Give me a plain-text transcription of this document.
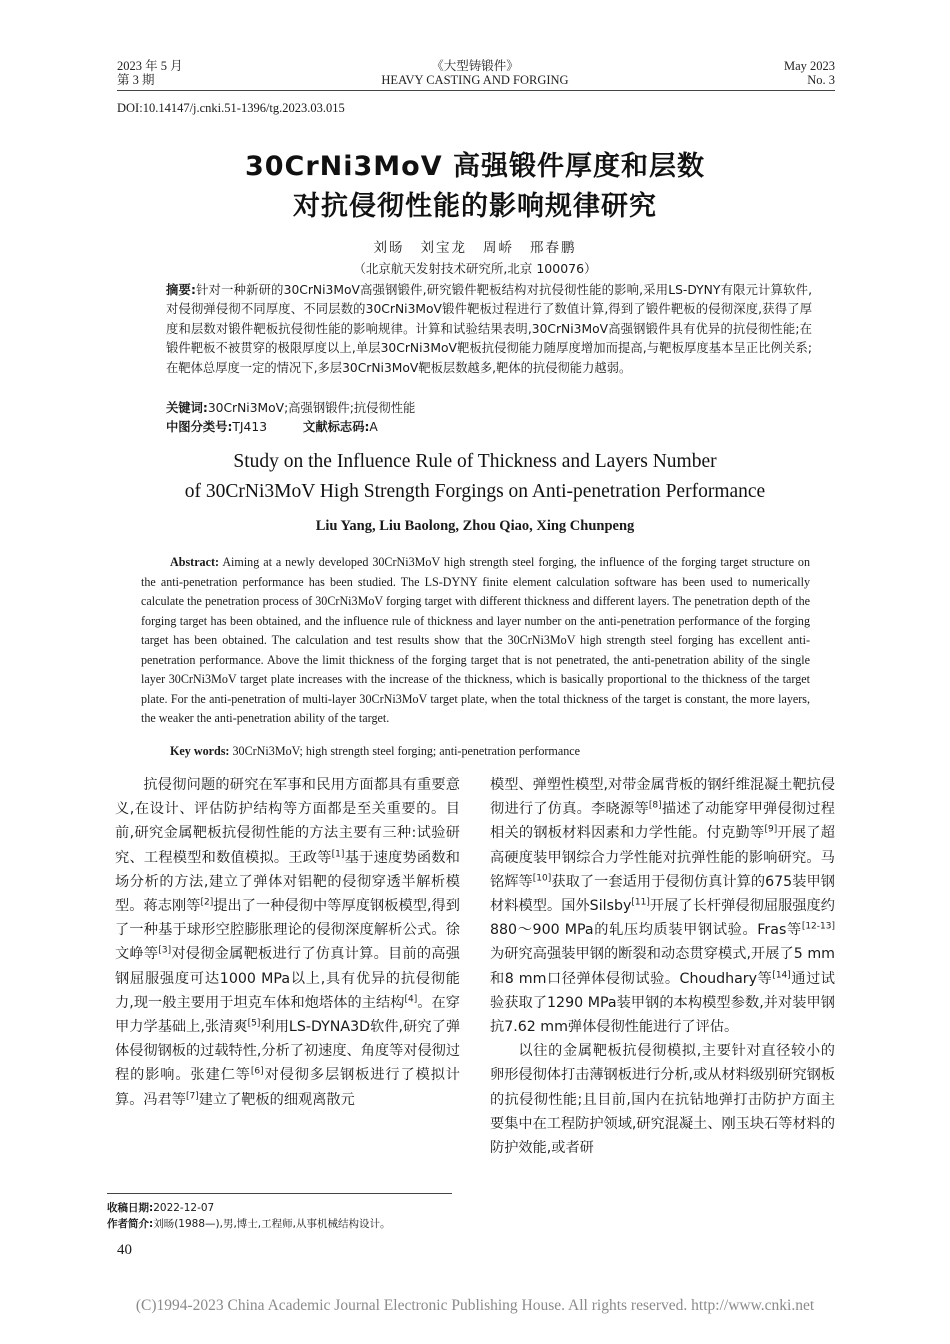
2023 年 5 月
第 3 期
《大型铸锻件》
HEAVY CASTING AND FORGING
May 2023
No. 3
DOI:10.14147/j.cnki.51-1396/tg.2023.03.015
30CrNi3MoV 高强锻件厚度和层数
对抗侵彻性能的影响规律研究
刘旸 刘宝龙 周峤 邢春鹏
（北京航天发射技术研究所,北京 100076）
摘要:针对一种新研的30CrNi3MoV高强钢锻件,研究锻件靶板结构对抗侵彻性能的影响,采用LS-DYNY有限元计算软件,对侵彻弹侵彻不同厚度、不同层数的30CrNi3MoV锻件靶板过程进行了数值计算,得到了锻件靶板的侵彻深度,获得了厚度和层数对锻件靶板抗侵彻性能的影响规律。计算和试验结果表明,30CrNi3MoV高强钢锻件具有优异的抗侵彻性能;在锻件靶板不被贯穿的极限厚度以上,单层30CrNi3MoV靶板抗侵彻能力随厚度增加而提高,与靶板厚度基本呈正比例关系;在靶体总厚度一定的情况下,多层30CrNi3MoV靶板层数越多,靶体的抗侵彻能力越弱。
关键词:30CrNi3MoV;高强钢锻件;抗侵彻性能
中图分类号:TJ413	文献标志码:A
Study on the Influence Rule of Thickness and Layers Number
of 30CrNi3MoV High Strength Forgings on Anti-penetration Performance
Liu Yang, Liu Baolong, Zhou Qiao, Xing Chunpeng
Abstract: Aiming at a newly developed 30CrNi3MoV high strength steel forging, the influence of the forging target structure on the anti-penetration performance has been studied. The LS-DYNY finite element calculation software has been used to numerically calculate the penetration process of 30CrNi3MoV forging target with different thickness and different layers. The penetration depth of the forging target has been obtained, and the influence rule of thickness and layer number on the anti-penetration performance of the forging target has been obtained. The calculation and test results show that the 30CrNi3MoV high strength steel forging has excellent anti-penetration performance. Above the limit thickness of the forging target that is not penetrated, the anti-penetration ability of the single layer 30CrNi3MoV target plate increases with the increase of the thickness, which is basically proportional to the thickness of the target plate. For the anti-penetration of multi-layer 30CrNi3MoV target plate, when the total thickness of the target is constant, the more layers, the weaker the anti-penetration ability of the target.
Key words: 30CrNi3MoV; high strength steel forging; anti-penetration performance

抗侵彻问题的研究在军事和民用方面都具有重要意义,在设计、评估防护结构等方面都是至关重要的。目前,研究金属靶板抗侵彻性能的方法主要有三种:试验研究、工程模型和数值模拟。王政等[1]基于速度势函数和场分析的方法,建立了弹体对铝靶的侵彻穿透半解析模型。蒋志刚等[2]提出了一种侵彻中等厚度钢板模型,得到了一种基于球形空腔膨胀理论的侵彻深度解析公式。徐文峥等[3]对侵彻金属靶板进行了仿真计算。目前的高强钢屈服强度可达1000 MPa以上,具有优异的抗侵彻能力,现一般主要用于坦克车体和炮塔体的主结构[4]。在穿甲力学基础上,张清爽[5]利用LS-DYNA3D软件,研究了弹体侵彻钢板的过载特性,分析了初速度、角度等对侵彻过程的影响。张建仁等[6]对侵彻多层钢板进行了模拟计算。冯君等[7]建立了靶板的细观离散元

模型、弹塑性模型,对带金属背板的钢纤维混凝土靶抗侵彻进行了仿真。李晓源等[8]描述了动能穿甲弹侵彻过程相关的钢板材料因素和力学性能。付克勤等[9]开展了超高硬度装甲钢综合力学性能对抗弹性能的影响研究。马铭辉等[10]获取了一套适用于侵彻仿真计算的675装甲钢材料模型。国外Silsby[11]开展了长杆弹侵彻屈服强度约880～900 MPa的轧压均质装甲钢试验。Fras等[12-13]为研究高强装甲钢的断裂和动态贯穿模式,开展了5 mm和8 mm口径弹体侵彻试验。Choudhary等[14]通过试验获取了1290 MPa装甲钢的本构模型参数,并对装甲钢抗7.62 mm弹体侵彻性能进行了评估。

以往的金属靶板抗侵彻模拟,主要针对直径较小的卵形侵彻体打击薄钢板进行分析,或从材料级别研究钢板的抗侵彻性能;且目前,国内在抗钻地弹打击防护方面主要集中在工程防护领域,研究混凝土、刚玉块石等材料的防护效能,或者研

收稿日期:2022-12-07
作者简介:刘旸(1988—),男,博士,工程师,从事机械结构设计。
40
(C)1994-2023 China Academic Journal Electronic Publishing House. All rights reserved. http://www.cnki.net
